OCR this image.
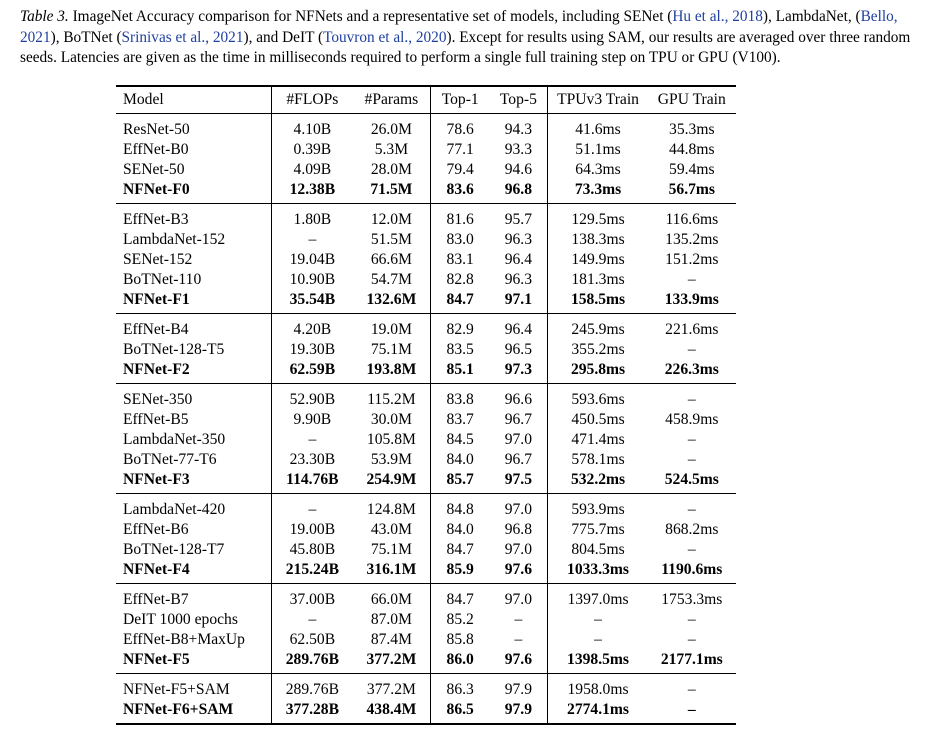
Table 3. ImageNet Accuracy comparison for NFNets and a representative set of models, including SENet (Hu et al., 2018), LambdaNet, (Bello, 2021), BoTNet (Srinivas et al., 2021), and DeIT (Touvron et al., 2020). Except for results using SAM, our results are averaged over three random seeds. Latencies are given as the time in milliseconds required to perform a single full training step on TPU or GPU (V100).
Model	#FLOPs	#Params	Top-1	Top-5	TPUv3 Train	GPU Train
ResNet-50	4.10B	26.0M	78.6	94.3	41.6ms	35.3ms
EffNet-B0	0.39B	5.3M	77.1	93.3	51.1ms	44.8ms
SENet-50	4.09B	28.0M	79.4	94.6	64.3ms	59.4ms
NFNet-F0	12.38B	71.5M	83.6	96.8	73.3ms	56.7ms
EffNet-B3	1.80B	12.0M	81.6	95.7	129.5ms	116.6ms
LambdaNet-152	–	51.5M	83.0	96.3	138.3ms	135.2ms
SENet-152	19.04B	66.6M	83.1	96.4	149.9ms	151.2ms
BoTNet-110	10.90B	54.7M	82.8	96.3	181.3ms	–
NFNet-F1	35.54B	132.6M	84.7	97.1	158.5ms	133.9ms
EffNet-B4	4.20B	19.0M	82.9	96.4	245.9ms	221.6ms
BoTNet-128-T5	19.30B	75.1M	83.5	96.5	355.2ms	–
NFNet-F2	62.59B	193.8M	85.1	97.3	295.8ms	226.3ms
SENet-350	52.90B	115.2M	83.8	96.6	593.6ms	–
EffNet-B5	9.90B	30.0M	83.7	96.7	450.5ms	458.9ms
LambdaNet-350	–	105.8M	84.5	97.0	471.4ms	–
BoTNet-77-T6	23.30B	53.9M	84.0	96.7	578.1ms	–
NFNet-F3	114.76B	254.9M	85.7	97.5	532.2ms	524.5ms
LambdaNet-420	–	124.8M	84.8	97.0	593.9ms	–
EffNet-B6	19.00B	43.0M	84.0	96.8	775.7ms	868.2ms
BoTNet-128-T7	45.80B	75.1M	84.7	97.0	804.5ms	–
NFNet-F4	215.24B	316.1M	85.9	97.6	1033.3ms	1190.6ms
EffNet-B7	37.00B	66.0M	84.7	97.0	1397.0ms	1753.3ms
DeIT 1000 epochs	–	87.0M	85.2	–	–	–
EffNet-B8+MaxUp	62.50B	87.4M	85.8	–	–	–
NFNet-F5	289.76B	377.2M	86.0	97.6	1398.5ms	2177.1ms
NFNet-F5+SAM	289.76B	377.2M	86.3	97.9	1958.0ms	–
NFNet-F6+SAM	377.28B	438.4M	86.5	97.9	2774.1ms	–
